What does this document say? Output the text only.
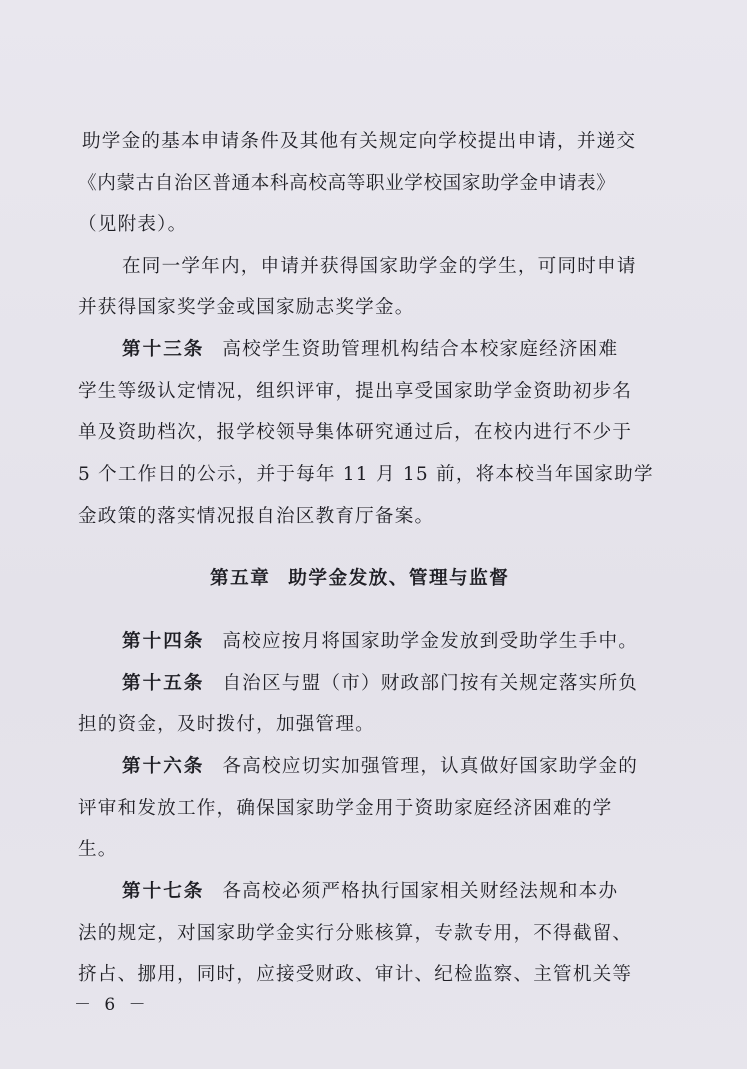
助学金的基本申请条件及其他有关规定向学校提出申请，并递交
《内蒙古自治区普通本科高校高等职业学校国家助学金申请表》
（见附表）。
在同一学年内，申请并获得国家助学金的学生，可同时申请
并获得国家奖学金或国家励志奖学金。
第十三条 高校学生资助管理机构结合本校家庭经济困难
学生等级认定情况，组织评审，提出享受国家助学金资助初步名
单及资助档次，报学校领导集体研究通过后，在校内进行不少于
5 个工作日的公示，并于每年 11 月 15 前，将本校当年国家助学
金政策的落实情况报自治区教育厅备案。
第五章 助学金发放、管理与监督
第十四条 高校应按月将国家助学金发放到受助学生手中。
第十五条 自治区与盟（市）财政部门按有关规定落实所负
担的资金，及时拨付，加强管理。
第十六条 各高校应切实加强管理，认真做好国家助学金的
评审和发放工作，确保国家助学金用于资助家庭经济困难的学
生。
第十七条 各高校必须严格执行国家相关财经法规和本办
法的规定，对国家助学金实行分账核算，专款专用，不得截留、
挤占、挪用，同时，应接受财政、审计、纪检监察、主管机关等
－ 6 －
